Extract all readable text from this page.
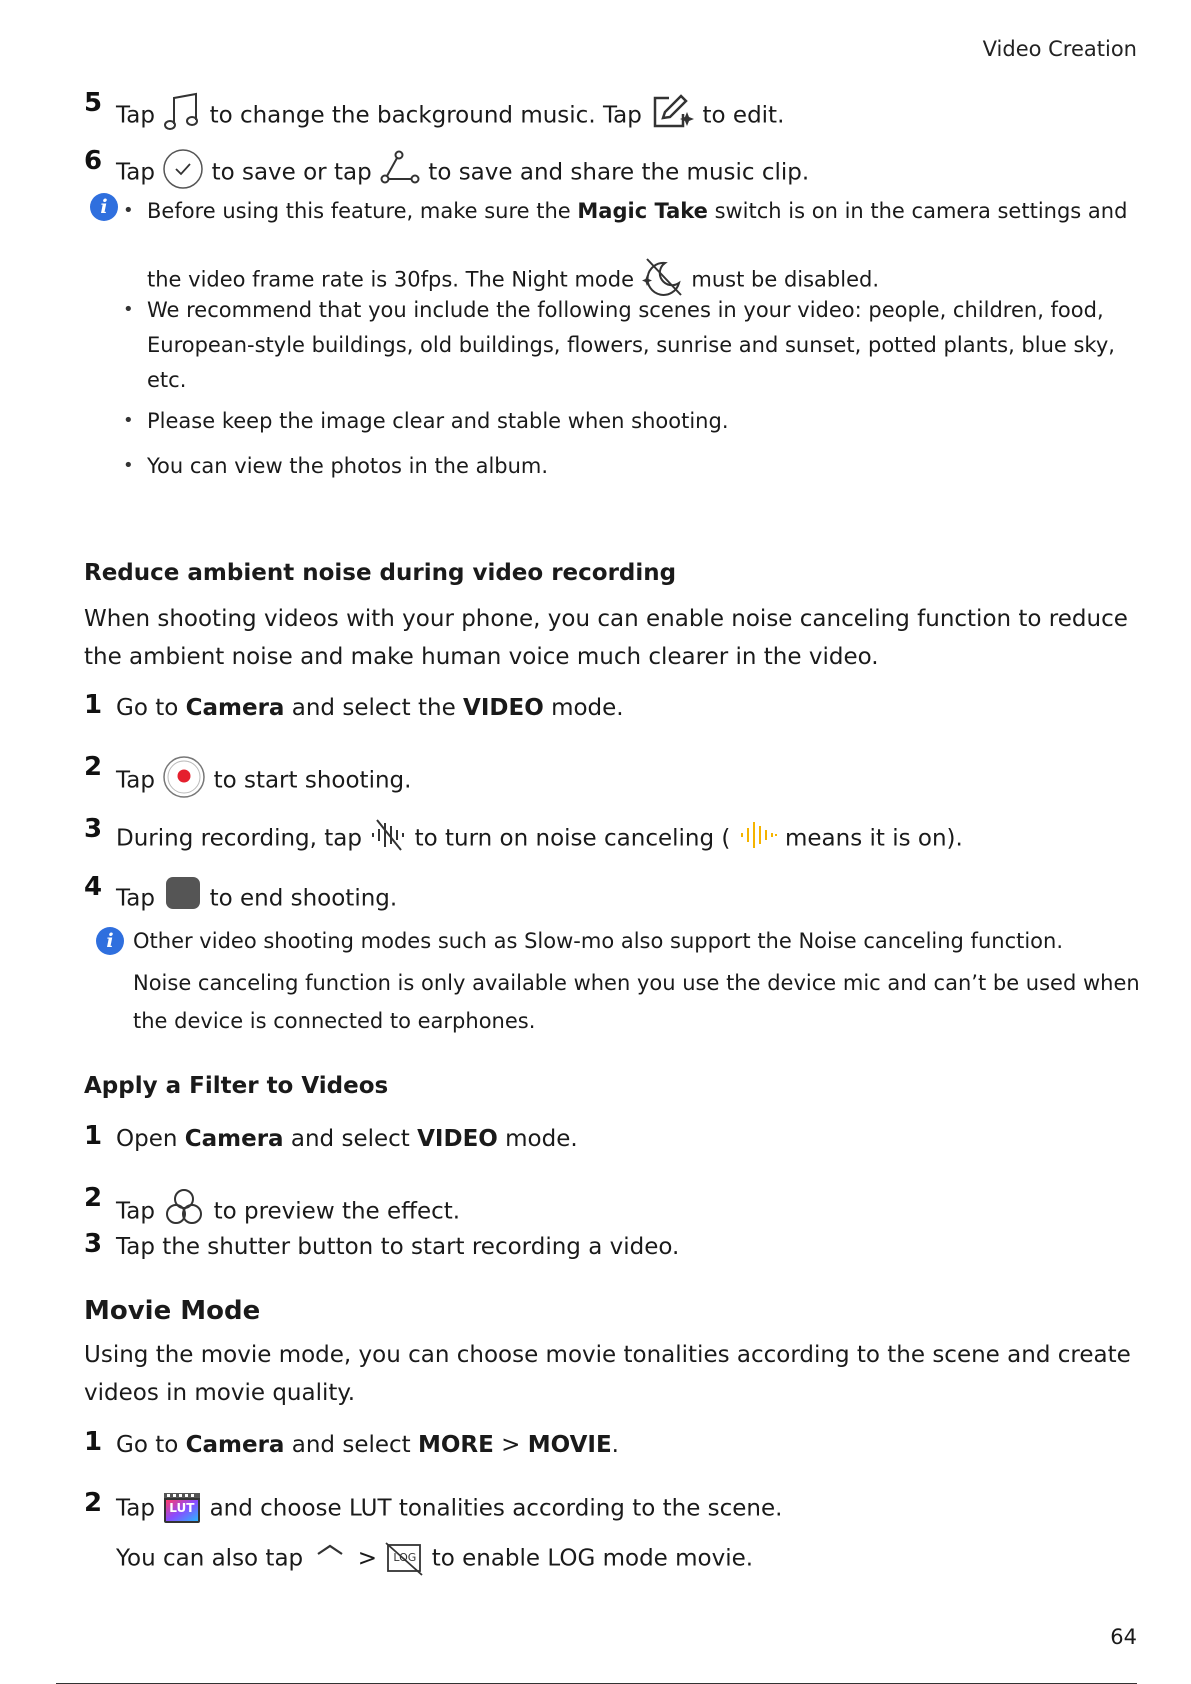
Video Creation
5 Tap to change the background music. Tap	to edit.
6 Tap to save or tap to save and share the music clip.
i • Before using this feature, make sure the Magic Take switch is on in the camera settings and
the video frame rate is 30fps. The Night mode	must be disabled.
• We recommend that you include the following scenes in your video: people, children, food,
European-style buildings, old buildings, flowers, sunrise and sunset, potted plants, blue sky,
etc.
• Please keep the image clear and stable when shooting.
• You can view the photos in the album.
Reduce ambient noise during video recording
When shooting videos with your phone, you can enable noise canceling function to reduce
the ambient noise and make human voice much clearer in the video.
1 Go to Camera and select the VIDEO mode.
2 Tap	to start shooting.
3 During recording, tap to turn on noise canceling ( means it is on).
4 Tap to end shooting.
i Other video shooting modes such as Slow-mo also support the Noise canceling function.
Noise canceling function is only available when you use the device mic and can’t be used when
the device is connected to earphones.
Apply a Filter to Videos
1 Open Camera and select VIDEO mode.
2 Tap	to preview the effect.
3 Tap the shutter button to start recording a video.
Movie Mode
Using the movie mode, you can choose movie tonalities according to the scene and create
videos in movie quality.
1 Go to Camera and select MORE > MOVIE.
2 Tap LUT and choose LUT tonalities according to the scene.
You can also tap > LOG to enable LOG mode movie.
64
